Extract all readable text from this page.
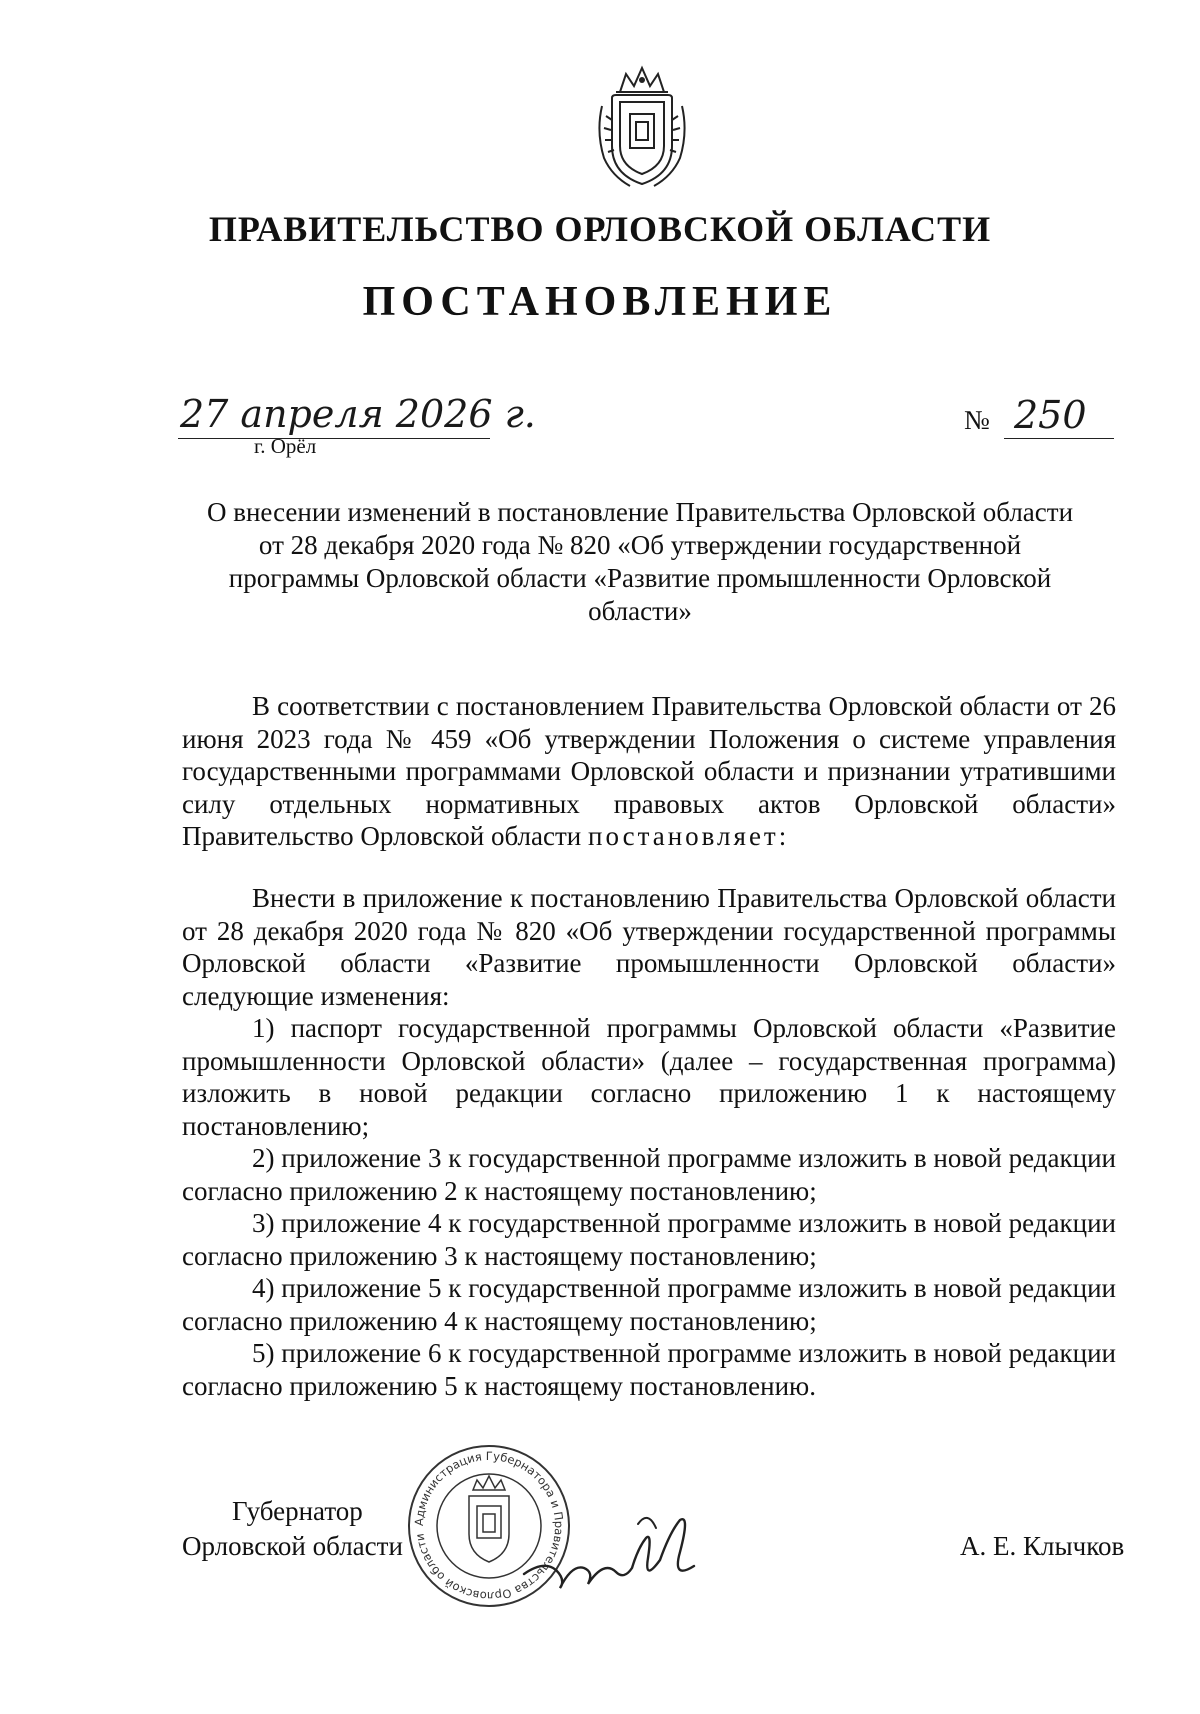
ПРАВИТЕЛЬСТВО ОРЛОВСКОЙ ОБЛАСТИ
ПОСТАНОВЛЕНИЕ
27 апреля 2026 г.
г. Орёл
№ 250
О внесении изменений в постановление Правительства Орловской области от 28 декабря 2020 года № 820 «Об утверждении государственной программы Орловской области «Развитие промышленности Орловской области»
В соответствии с постановлением Правительства Орловской области от 26 июня 2023 года № 459 «Об утверждении Положения о системе управления государственными программами Орловской области и признании утратившими силу отдельных нормативных правовых актов Орловской области» Правительство Орловской области постановляет:
Внести в приложение к постановлению Правительства Орловской области от 28 декабря 2020 года № 820 «Об утверждении государственной программы Орловской области «Развитие промышленности Орловской области» следующие изменения:
1) паспорт государственной программы Орловской области «Развитие промышленности Орловской области» (далее – государственная программа) изложить в новой редакции согласно приложению 1 к настоящему постановлению;
2) приложение 3 к государственной программе изложить в новой редакции согласно приложению 2 к настоящему постановлению;
3) приложение 4 к государственной программе изложить в новой редакции согласно приложению 3 к настоящему постановлению;
4) приложение 5 к государственной программе изложить в новой редакции согласно приложению 4 к настоящему постановлению;
5) приложение 6 к государственной программе изложить в новой редакции согласно приложению 5 к настоящему постановлению.
Губернатор
Орловской области
Администрация Губернатора и Правительства Орловской области	А. Е. Клычков
